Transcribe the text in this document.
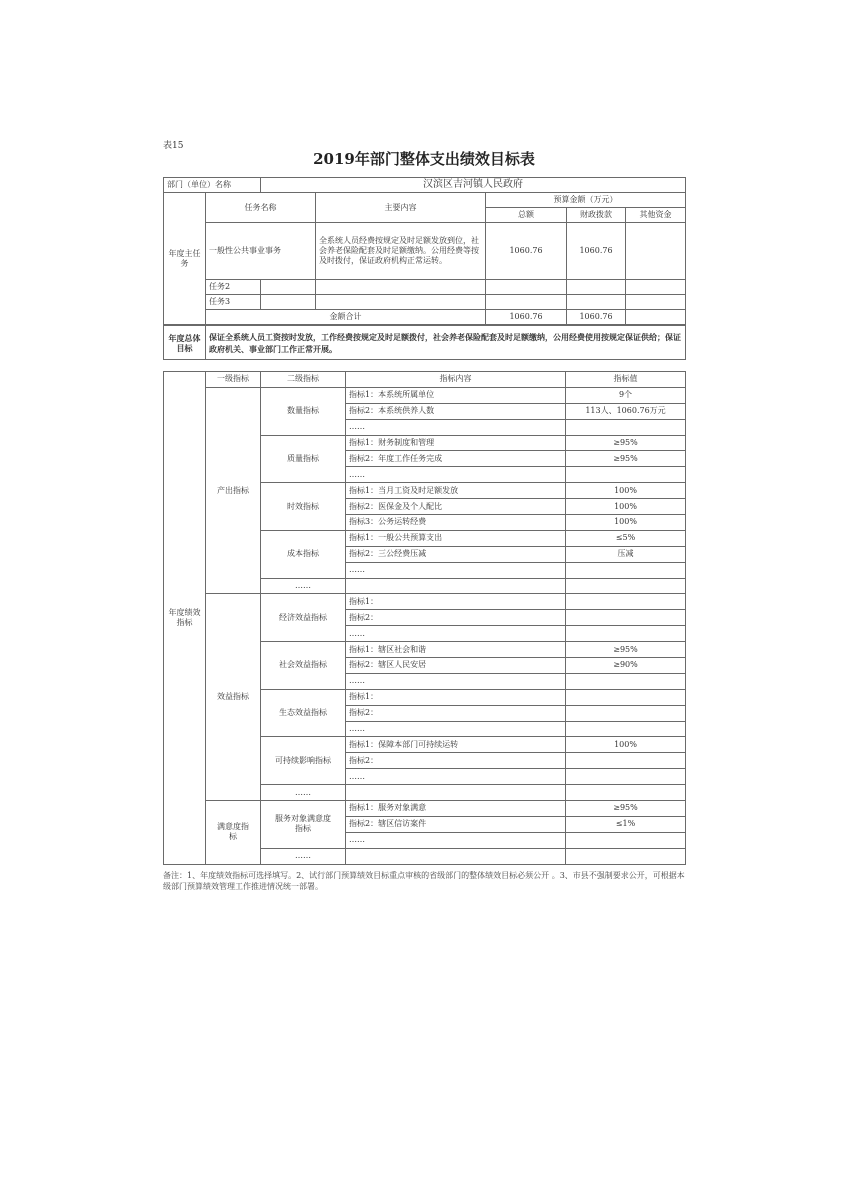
表15
2019年部门整体支出绩效目标表
部门（单位）名称		汉滨区吉河镇人民政府				
年度主任务	任务名称		主要内容	预算金额（万元）		
				总额	财政拨款	其他资金
	一般性公共事业事务		全系统人员经费按规定及时足额发放到位，社会养老保险配套及时足额缴纳。公用经费等按及时拨付，保证政府机构正常运转。	1060.76	1060.76	
	任务2					
	任务3					
	金额合计			1060.76	1060.76	
年度总体目标	保证全系统人员工资按时发放，工作经费按规定及时足额拨付，社会养老保险配套及时足额缴纳，公用经费使用按规定保证供给；保证政府机关、事业部门工作正常开展。
年度绩效指标	一级指标	二级指标	指标内容	指标值
	产出指标	数量指标	指标1：本系统所属单位	9个
			指标2：本系统供养人数	113人、1060.76万元
			……	
		质量指标	指标1：财务制度和管理	≥95%
			指标2：年度工作任务完成	≥95%
			……	
		时效指标	指标1：当月工资及时足额发放	100%
			指标2：医保金及个人配比	100%
			指标3：公务运转经费	100%
		成本指标	指标1：一般公共预算支出	≤5%
			指标2：三公经费压减	压减
			……	
		……		
	效益指标	经济效益指标	指标1：	
			指标2：	
			……	
		社会效益指标	指标1：辖区社会和谐	≥95%
			指标2：辖区人民安居	≥90%
			……	
		生态效益指标	指标1：	
			指标2：	
			……	
		可持续影响指标	指标1：保障本部门可持续运转	100%
			指标2：	
			……	
		……		
	满意度指标	服务对象满意度指标	指标1：服务对象满意	≥95%
			指标2：辖区信访案件	≤1%
			……	
		……		
备注：1、年度绩效指标可选择填写。2、试行部门预算绩效目标重点审核的省级部门的整体绩效目标必须公开 。3、市县不强制要求公开，可根据本级部门预算绩效管理工作推进情况统一部署。
